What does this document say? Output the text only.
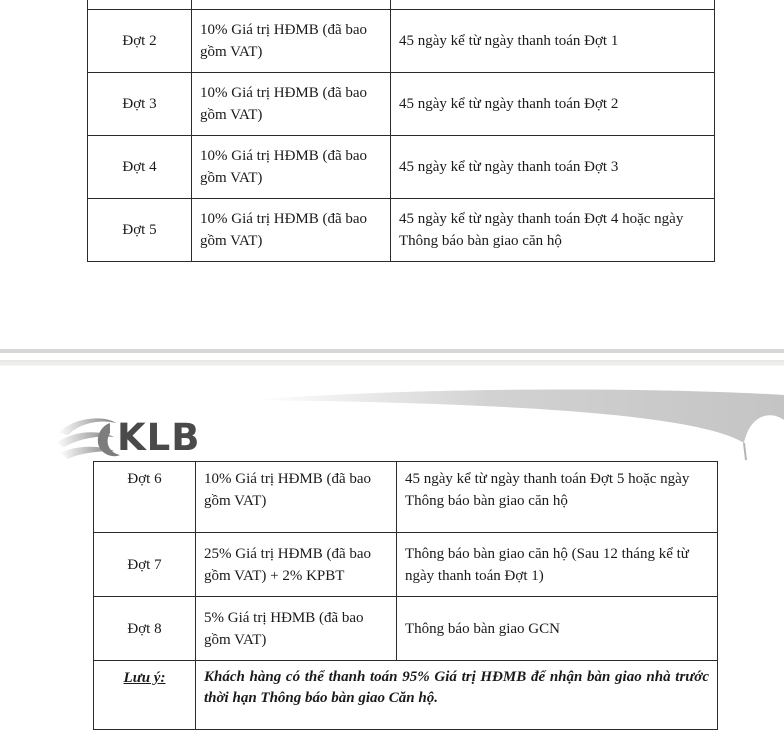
Đợt 2	10% Giá trị HĐMB (đã bao gồm VAT)	45 ngày kể từ ngày thanh toán Đợt 1
Đợt 3	10% Giá trị HĐMB (đã bao gồm VAT)	45 ngày kể từ ngày thanh toán Đợt 2
Đợt 4	10% Giá trị HĐMB (đã bao gồm VAT)	45 ngày kể từ ngày thanh toán Đợt 3
Đợt 5	10% Giá trị HĐMB (đã bao gồm VAT)	45 ngày kể từ ngày thanh toán Đợt 4 hoặc ngày Thông báo bàn giao căn hộ
KLB
Đợt 6	10% Giá trị HĐMB (đã bao gồm VAT)	45 ngày kể từ ngày thanh toán Đợt 5 hoặc ngày Thông báo bàn giao căn hộ
Đợt 7	25% Giá trị HĐMB (đã bao gồm VAT) + 2% KPBT	Thông báo bàn giao căn hộ (Sau 12 tháng kể từ ngày thanh toán Đợt 1)
Đợt 8	5% Giá trị HĐMB (đã bao gồm VAT)	Thông báo bàn giao GCN
Lưu ý:	Khách hàng có thể thanh toán 95% Giá trị HĐMB để nhận bàn giao nhà trước thời hạn Thông báo bàn giao Căn hộ.	
